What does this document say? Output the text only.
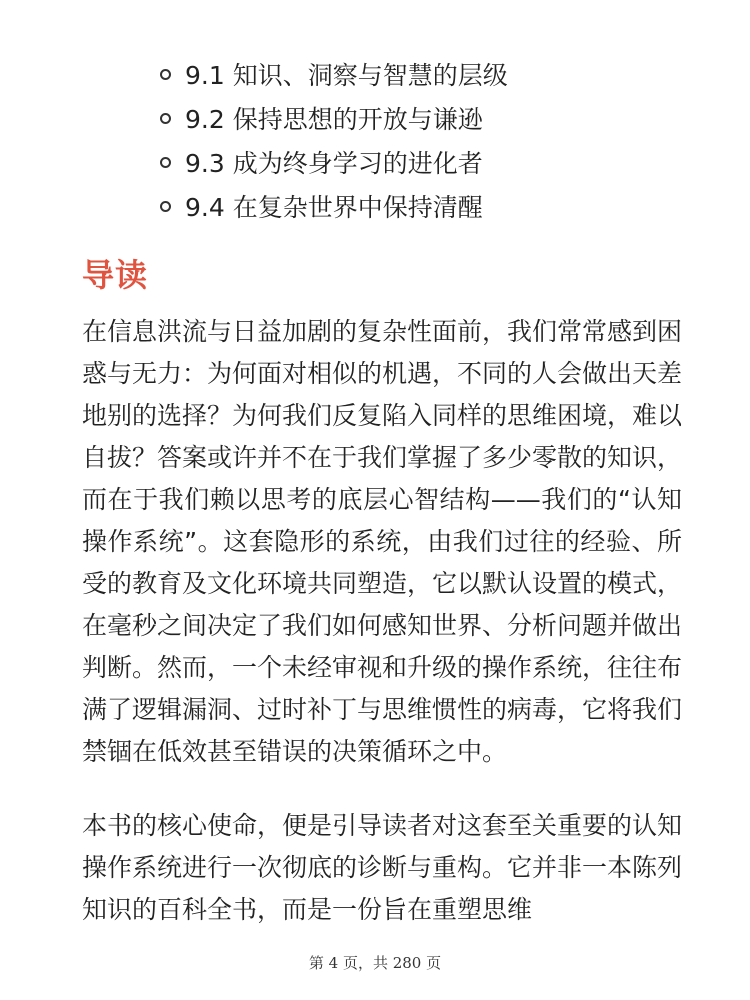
9.1 知识、洞察与智慧的层级
9.2 保持思想的开放与谦逊
9.3 成为终身学习的进化者
9.4 在复杂世界中保持清醒
导读

在信息洪流与日益加剧的复杂性面前，我们常常感到困惑与无力：为何面对相似的机遇，不同的人会做出天差地别的选择？为何我们反复陷入同样的思维困境，难以自拔？答案或许并不在于我们掌握了多少零散的知识，而在于我们赖以思考的底层心智结构——我们的“认知操作系统”。这套隐形的系统，由我们过往的经验、所受的教育及文化环境共同塑造，它以默认设置的模式，在毫秒之间决定了我们如何感知世界、分析问题并做出判断。然而，一个未经审视和升级的操作系统，往往布满了逻辑漏洞、过时补丁与思维惯性的病毒，它将我们禁锢在低效甚至错误的决策循环之中。

本书的核心使命，便是引导读者对这套至关重要的认知操作系统进行一次彻底的诊断与重构。它并非一本陈列知识的百科全书，而是一份旨在重塑思维

第 4 页，共 280 页
